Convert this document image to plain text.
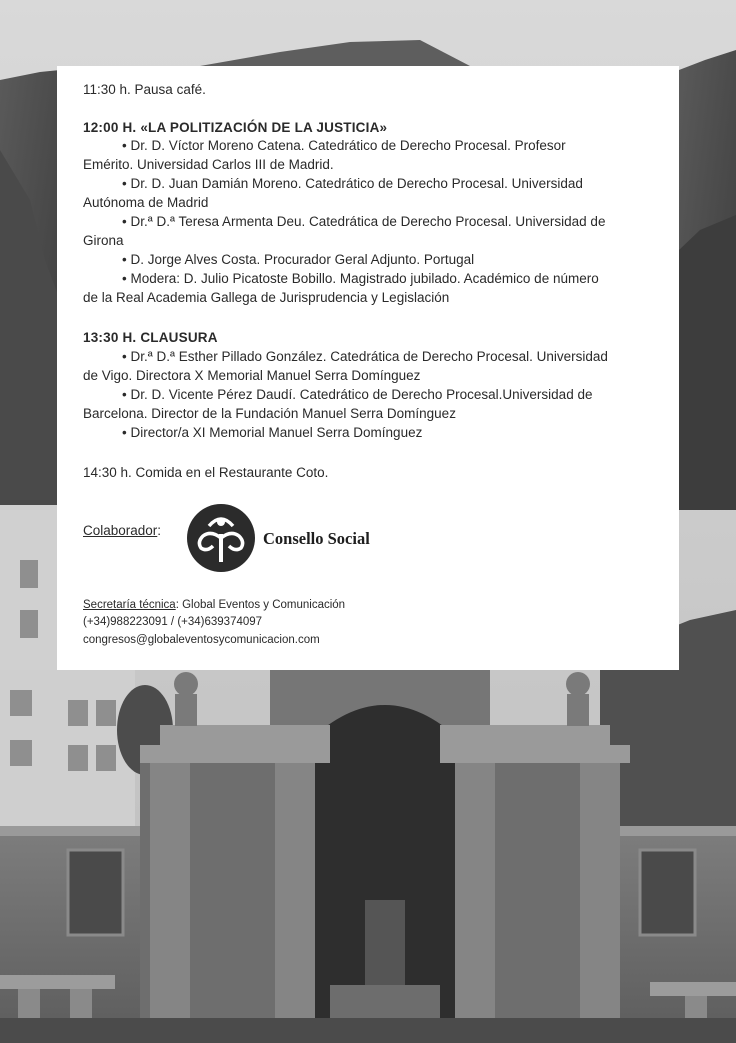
11:30 h. Pausa café.
12:00 H. «LA POLITIZACIÓN DE LA JUSTICIA»

• Dr. D. Víctor Moreno Catena. Catedrático de Derecho Procesal. Profesor
Emérito. Universidad Carlos III de Madrid.

• Dr. D. Juan Damián Moreno. Catedrático de Derecho Procesal. Universidad
Autónoma de Madrid

• Dr.ª D.ª Teresa Armenta Deu. Catedrática de Derecho Procesal. Universidad de
Girona

• D. Jorge Alves Costa. Procurador Geral Adjunto. Portugal

• Modera: D. Julio Picatoste Bobillo. Magistrado jubilado. Académico de número
de la Real Academia Gallega de Jurisprudencia y Legislación

13:30 H. CLAUSURA

• Dr.ª D.ª Esther Pillado González. Catedrática de Derecho Procesal. Universidad
de Vigo. Directora X Memorial Manuel Serra Domínguez

• Dr. D. Vicente Pérez Daudí. Catedrático de Derecho Procesal.Universidad de
Barcelona. Director de la Fundación Manuel Serra Domínguez

• Director/a XI Memorial Manuel Serra Domínguez

14:30 h. Comida en el Restaurante Coto.
Colaborador:	Consello Social
Secretaría técnica: Global Eventos y Comunicación
(+34)988223091 / (+34)639374097
congresos@globaleventosycomunicacion.com
